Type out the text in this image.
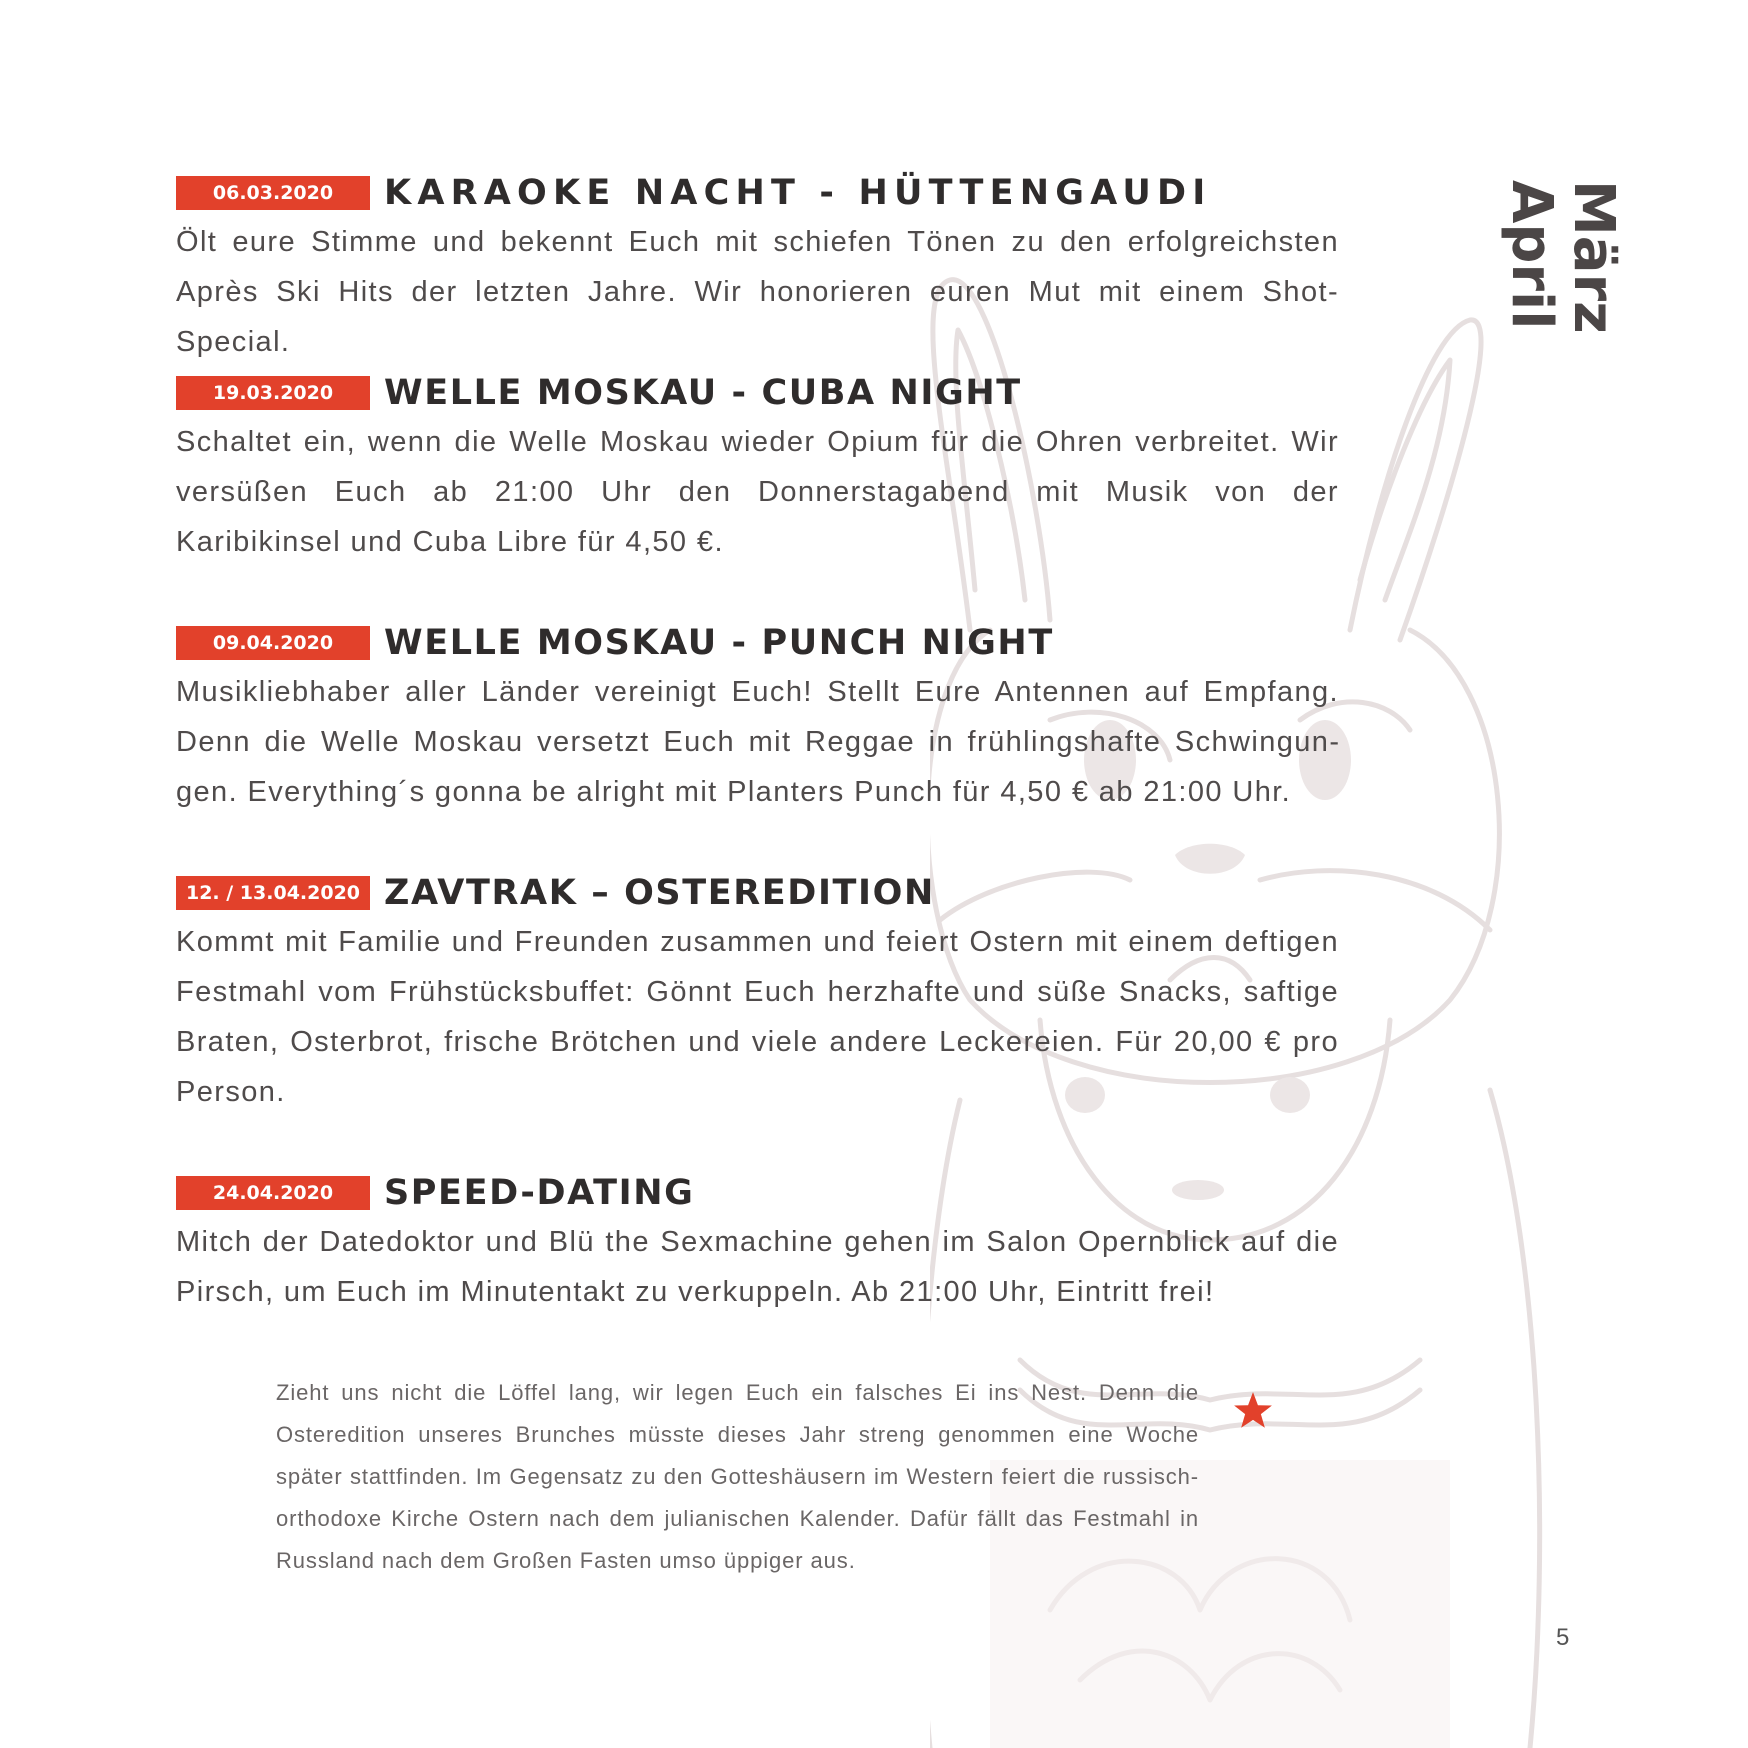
06.03.2020	KARAOKE NACHT - HÜTTENGAUDI

Ölt eure Stimme und bekennt Euch mit schiefen Tönen zu den erfolgreichsten Après Ski Hits der letzten Jahre. Wir honorieren euren Mut mit einem Shot-Special.

19.03.2020	WELLE MOSKAU - CUBA NIGHT

Schaltet ein, wenn die Welle Moskau wieder Opium für die Ohren verbreitet. Wir versüßen Euch ab 21:00 Uhr den Donnerstagabend mit Musik von der Karibikinsel und Cuba Libre für 4,50 €.

09.04.2020	WELLE MOSKAU - PUNCH NIGHT

Musikliebhaber aller Länder vereinigt Euch! Stellt Eure Antennen auf Empfang. Denn die Welle Moskau versetzt Euch mit Reggae in frühlingshafte Schwingungen. Everything´s gonna be alright mit Planters Punch für 4,50 € ab 21:00 Uhr.

12. / 13.04.2020 ZAVTRAK – OSTEREDITION

Kommt mit Familie und Freunden zusammen und feiert Ostern mit einem deftigen Festmahl vom Frühstücksbuffet: Gönnt Euch herzhafte und süße Snacks, saftige Braten, Osterbrot, frische Brötchen und viele andere Leckereien. Für 20,00 € pro Person.

24.04.2020	SPEED-DATING

Mitch der Datedoktor und Blü the Sexmachine gehen im Salon Opernblick auf die Pirsch, um Euch im Minutentakt zu verkuppeln. Ab 21:00 Uhr, Eintritt frei!

Zieht uns nicht die Löffel lang, wir legen Euch ein falsches Ei ins Nest. Denn die Osteredition unseres Brunches müsste dieses Jahr streng genommen eine Woche später stattfinden. Im Gegensatz zu den Gotteshäusern im Western feiert die russisch-orthodoxe Kirche Ostern nach dem julianischen Kalender. Dafür fällt das Festmahl in Russland nach dem Großen Fasten umso üppiger aus.

März
April
5
